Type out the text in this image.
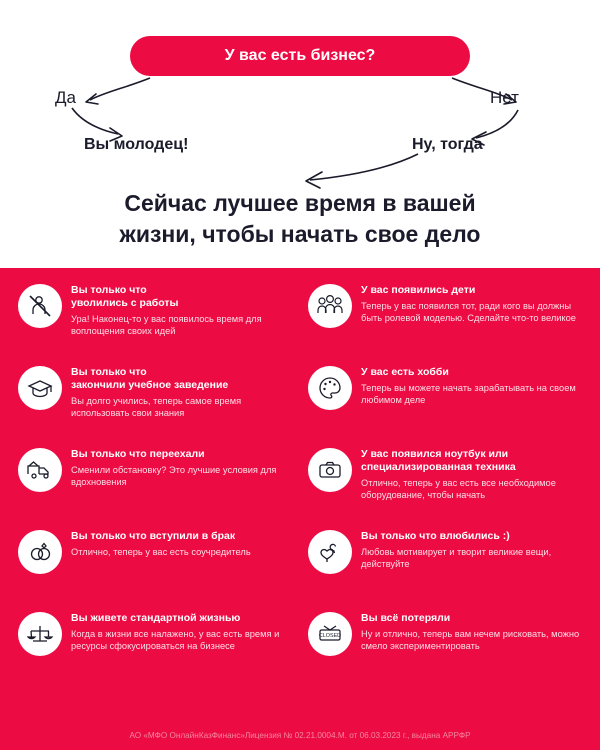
У вас есть бизнес?
Да	Нет
Вы молодец!	Ну, тогда
Сейчас лучшее время в вашей
жизни, чтобы начать свое дело
Вы только что
уволились с работы
Ура! Наконец-то у вас появилось время для воплощения своих идей
У вас появились дети
Теперь у вас появился тот, ради кого вы должны быть ролевой моделью. Сделайте что-то великое
Вы только что
закончили учебное заведение
Вы долго учились, теперь самое время использовать свои знания
У вас есть хобби
Теперь вы можете начать зарабатывать на своем любимом деле
Вы только что переехали
Сменили обстановку? Это лучшие условия для вдохновения
У вас появился ноутбук или
специализированная техника
Отлично, теперь у вас есть все необходимое оборудование, чтобы начать
Вы только что вступили в брак
Отлично, теперь у вас есть соучредитель
Вы только что влюбились :)
Любовь мотивирует и творит великие вещи, действуйте
Вы живете стандартной жизнью
Когда в жизни все налажено, у вас есть время и ресурсы сфокусироваться на бизнесе
CLOSED
Вы всё потеряли
Ну и отлично, теперь вам нечем рисковать, можно смело экспериментировать
АО «МФО ОнлайнКазФинанс»Лицензия № 02.21.0004.М. от 06.03.2023 г., выдана АРРФР
